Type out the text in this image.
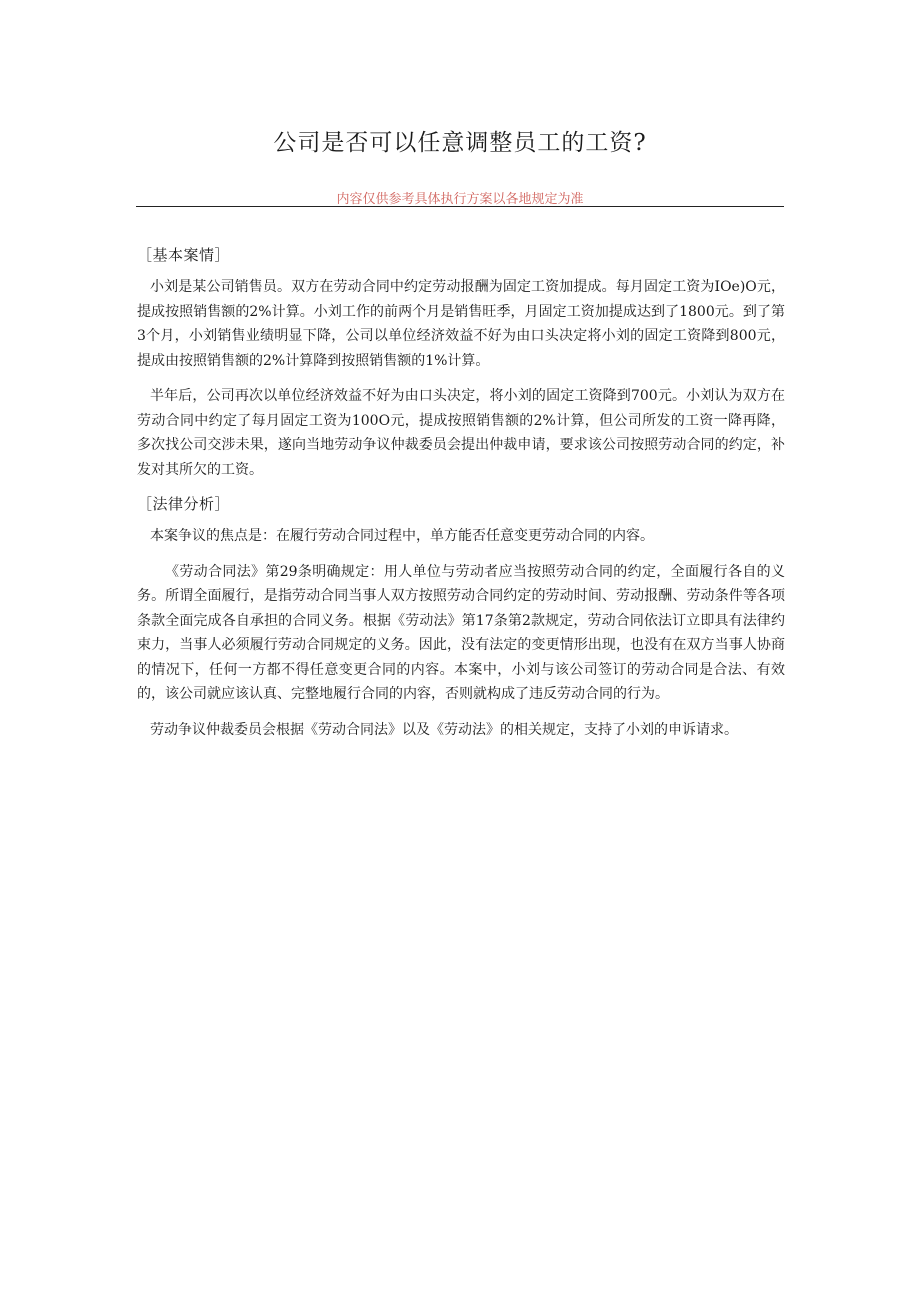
公司是否可以任意调整员工的工资?

内容仅供参考具体执行方案以各地规定为准

［基本案情］

小刘是某公司销售员。双方在劳动合同中约定劳动报酬为固定工资加提成。每月固定工资为IOe)O元，提成按照销售额的2%计算。小刘工作的前两个月是销售旺季，月固定工资加提成达到了1800元。到了第3个月，小刘销售业绩明显下降，公司以单位经济效益不好为由口头决定将小刘的固定工资降到800元，提成由按照销售额的2%计算降到按照销售额的1%计算。

半年后，公司再次以单位经济效益不好为由口头决定，将小刘的固定工资降到700元。小刘认为双方在劳动合同中约定了每月固定工资为100O元，提成按照销售额的2%计算，但公司所发的工资一降再降，多次找公司交涉未果，遂向当地劳动争议仲裁委员会提出仲裁申请，要求该公司按照劳动合同的约定，补发对其所欠的工资。

［法律分析］

本案争议的焦点是：在履行劳动合同过程中，单方能否任意变更劳动合同的内容。

《劳动合同法》第29条明确规定：用人单位与劳动者应当按照劳动合同的约定，全面履行各自的义务。所谓全面履行，是指劳动合同当事人双方按照劳动合同约定的劳动时间、劳动报酬、劳动条件等各项条款全面完成各自承担的合同义务。根据《劳动法》第17条第2款规定，劳动合同依法订立即具有法律约束力，当事人必须履行劳动合同规定的义务。因此，没有法定的变更情形出现，也没有在双方当事人协商的情况下，任何一方都不得任意变更合同的内容。本案中，小刘与该公司签订的劳动合同是合法、有效的，该公司就应该认真、完整地履行合同的内容，否则就构成了违反劳动合同的行为。

劳动争议仲裁委员会根据《劳动合同法》以及《劳动法》的相关规定，支持了小刘的申诉请求。
